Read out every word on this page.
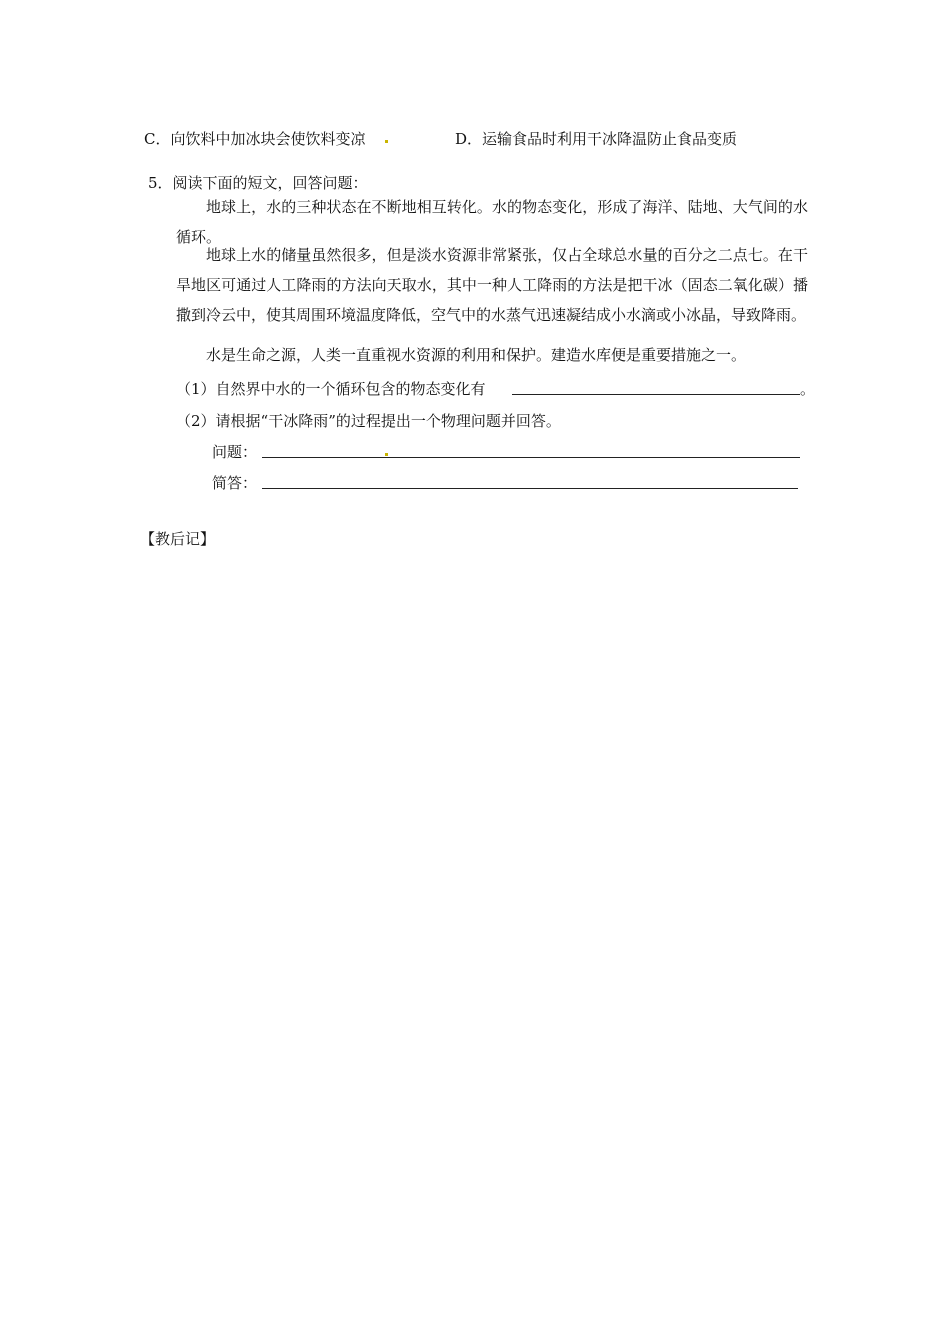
C．向饮料中加冰块会使饮料变凉	D．运输食品时利用干冰降温防止食品变质
5．阅读下面的短文，回答问题：
地球上，水的三种状态在不断地相互转化。水的物态变化，形成了海洋、陆地、大气间的水循环。
地球上水的储量虽然很多，但是淡水资源非常紧张，仅占全球总水量的百分之二点七。在干旱地区可通过人工降雨的方法向天取水，其中一种人工降雨的方法是把干冰（固态二氧化碳）播撒到冷云中，使其周围环境温度降低，空气中的水蒸气迅速凝结成小水滴或小冰晶，导致降雨。
水是生命之源，人类一直重视水资源的利用和保护。建造水库便是重要措施之一。
（1）自然界中水的一个循环包含的物态变化有	。
（2）请根据“干冰降雨”的过程提出一个物理问题并回答。
问题：
简答：
【教后记】
